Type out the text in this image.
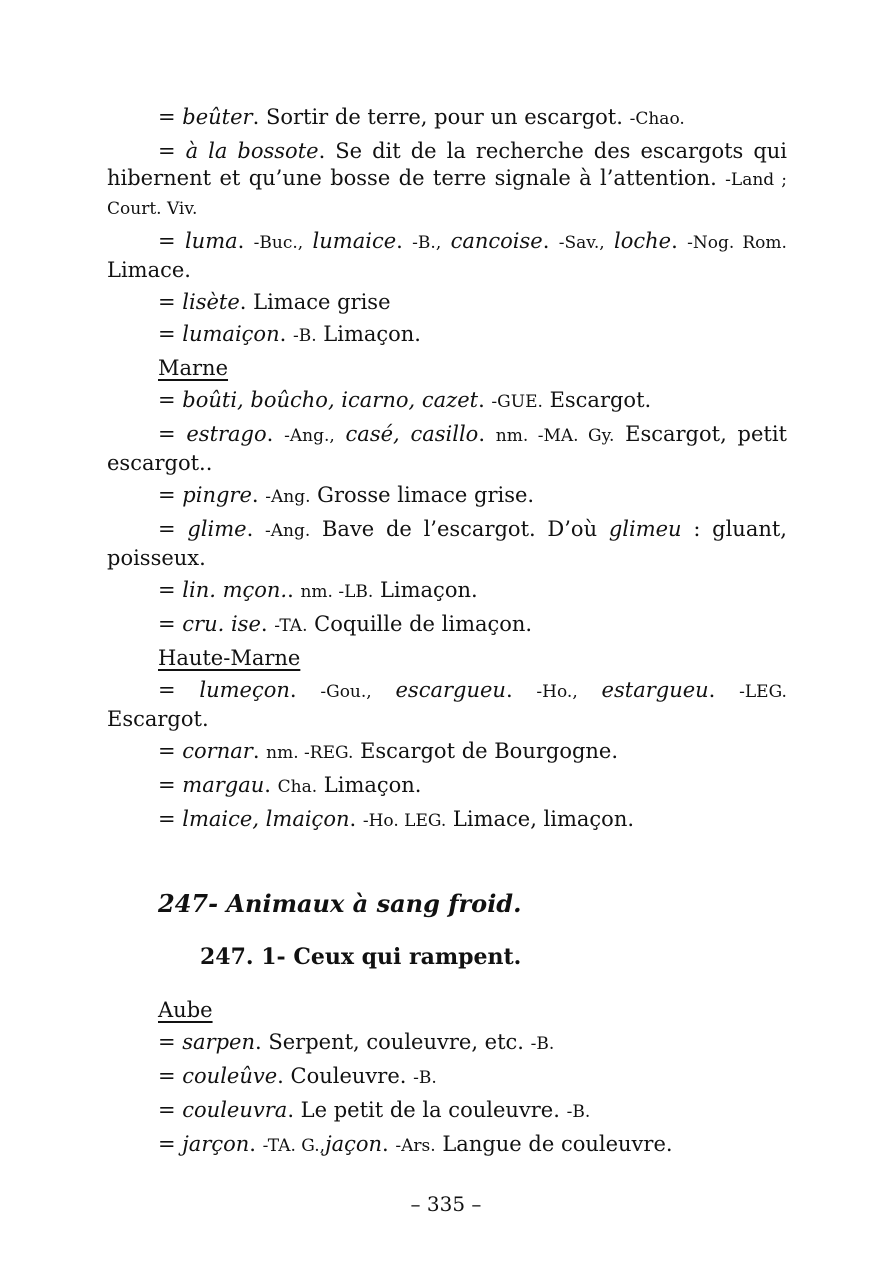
= beûter. Sortir de terre, pour un escargot. -Chao.
= à la bossote. Se dit de la recherche des escargots qui hibernent et qu’une bosse de terre signale à l’attention. -Land ; Court. Viv.
= luma. -Buc., lumaice. -B., cancoise. -Sav., loche. -Nog. Rom. Limace.
= lisète. Limace grise
= lumaiçon. -B. Limaçon.
Marne
= boûti, boûcho, icarno, cazet. -GUE. Escargot.
= estrago. -Ang., casé, casillo. nm. -MA. Gy. Escargot, petit escargot..
= pingre. -Ang. Grosse limace grise.
= glime. -Ang. Bave de l’escargot. D’où glimeu : gluant, poisseux.
= lin. mçon.. nm. -LB. Limaçon.
= cru. ise. -TA. Coquille de limaçon.
Haute-Marne
= lumeçon. -Gou., escargueu. -Ho., estargueu. -LEG. Escargot.
= cornar. nm. -REG. Escargot de Bourgogne.
= margau. Cha. Limaçon.
= lmaice, lmaiçon. -Ho. LEG. Limace, limaçon.
247- Animaux à sang froid.
247. 1- Ceux qui rampent.
Aube
= sarpen. Serpent, couleuvre, etc. -B.
= couleûve. Couleuvre. -B.
= couleuvra. Le petit de la couleuvre. -B.
= jarçon. -TA. G.,jaçon. -Ars. Langue de couleuvre.
– 335 –
